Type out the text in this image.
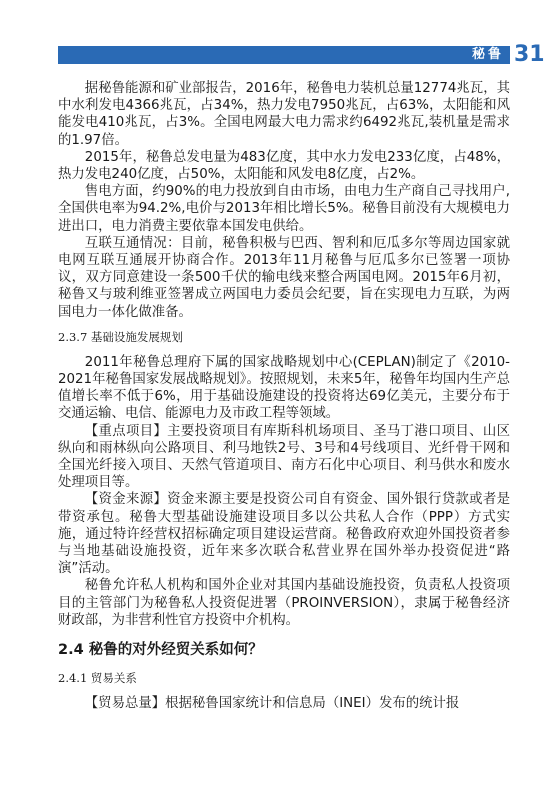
秘鲁 31

据秘鲁能源和矿业部报告，2016年，秘鲁电力装机总量12774兆瓦，其中水利发电4366兆瓦，占34%，热力发电7950兆瓦，占63%，太阳能和风能发电410兆瓦，占3%。全国电网最大电力需求约6492兆瓦,装机量是需求的1.97倍。

2015年，秘鲁总发电量为483亿度，其中水力发电233亿度，占48%，热力发电240亿度，占50%，太阳能和风发电8亿度，占2%。

售电方面，约90%的电力投放到自由市场，由电力生产商自己寻找用户,全国供电率为94.2%,电价与2013年相比增长5%。秘鲁目前没有大规模电力进出口，电力消费主要依靠本国发电供给。

互联互通情况：目前，秘鲁积极与巴西、智利和厄瓜多尔等周边国家就电网互联互通展开协商合作。2013年11月秘鲁与厄瓜多尔已签署一项协议，双方同意建设一条500千伏的输电线来整合两国电网。2015年6月初，秘鲁又与玻利维亚签署成立两国电力委员会纪要，旨在实现电力互联，为两国电力一体化做准备。

2.3.7 基础设施发展规划

2011年秘鲁总理府下属的国家战略规划中心(CEPLAN)制定了《2010-2021年秘鲁国家发展战略规划》。按照规划，未来5年，秘鲁年均国内生产总值增长率不低于6%，用于基础设施建设的投资将达69亿美元，主要分布于交通运输、电信、能源电力及市政工程等领域。

【重点项目】主要投资项目有库斯科机场项目、圣马丁港口项目、山区纵向和雨林纵向公路项目、利马地铁2号、3号和4号线项目、光纤骨干网和全国光纤接入项目、天然气管道项目、南方石化中心项目、利马供水和废水处理项目等。

【资金来源】资金来源主要是投资公司自有资金、国外银行贷款或者是带资承包。秘鲁大型基础设施建设项目多以公共私人合作（PPP）方式实施，通过特许经营权招标确定项目建设运营商。秘鲁政府欢迎外国投资者参与当地基础设施投资，近年来多次联合私营业界在国外举办投资促进“路演”活动。

秘鲁允许私人机构和国外企业对其国内基础设施投资，负责私人投资项目的主管部门为秘鲁私人投资促进署（PROINVERSION），隶属于秘鲁经济财政部，为非营利性官方投资中介机构。

2.4 秘鲁的对外经贸关系如何？

2.4.1 贸易关系

【贸易总量】根据秘鲁国家统计和信息局（INEI）发布的统计报
